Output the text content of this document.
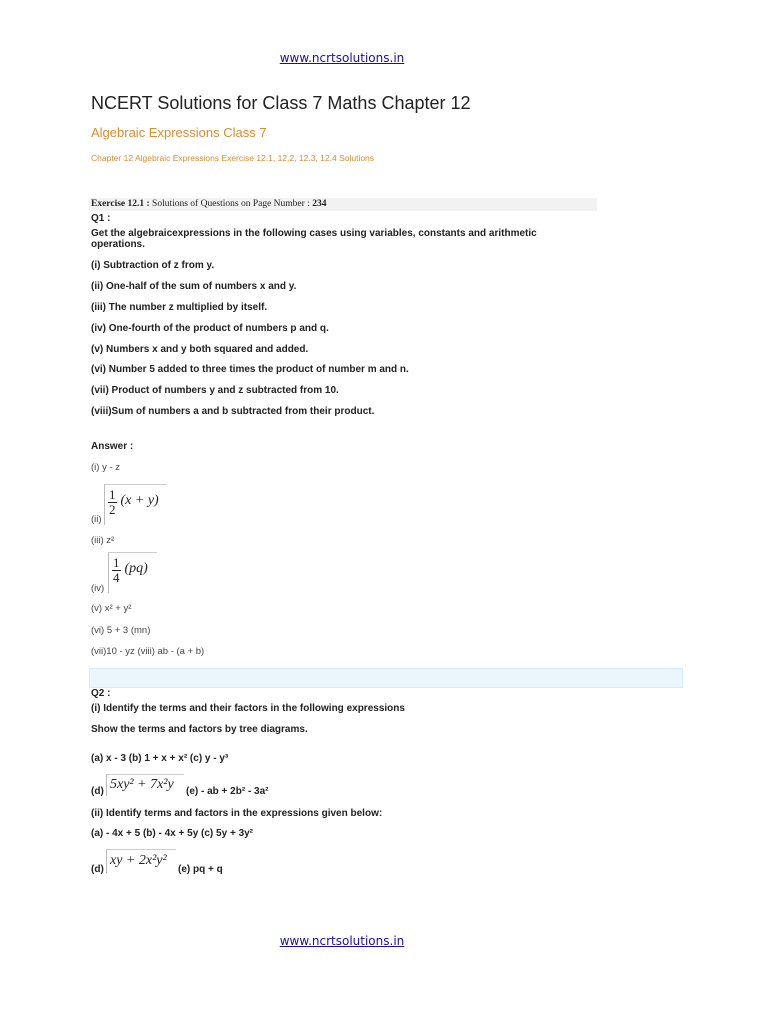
www.ncrtsolutions.in
NCERT Solutions for Class 7 Maths Chapter 12
Algebraic Expressions Class 7
Chapter 12 Algebraic Expressions Exercise 12.1, 12.2, 12.3, 12.4 Solutions
Exercise 12.1 : Solutions of Questions on Page Number : 234
Q1 :
Get the algebraicexpressions in the following cases using variables, constants and arithmetic operations.
(i) Subtraction of z from y.
(ii) One-half of the sum of numbers x and y.
(iii) The number z multiplied by itself.
(iv) One-fourth of the product of numbers p and q.
(v) Numbers x and y both squared and added.
(vi) Number 5 added to three times the product of number m and n.
(vii) Product of numbers y and z subtracted from 10.
(viii)Sum of numbers a and b subtracted from their product.
Answer :
(i) y - z
(ii)
$\frac{1}{2} (x + y)$
(iii) z²
(iv)
$\frac{1}{4} (pq)$
(v) x² + y²
(vi) 5 + 3 (mn)
(vii)10 - yz (viii) ab - (a + b)
Q2 :
(i) Identify the terms and their factors in the following expressions
Show the terms and factors by tree diagrams.
(a) x - 3 (b) 1 + x + x² (c) y - y³
(d) 5xy² + 7x²y	(e) - ab + 2b² - 3a²
(ii) Identify terms and factors in the expressions given below:
(a) - 4x + 5 (b) - 4x + 5y (c) 5y + 3y²
(d)
xy + 2x²y²
(e) pq + q
www.ncrtsolutions.in
